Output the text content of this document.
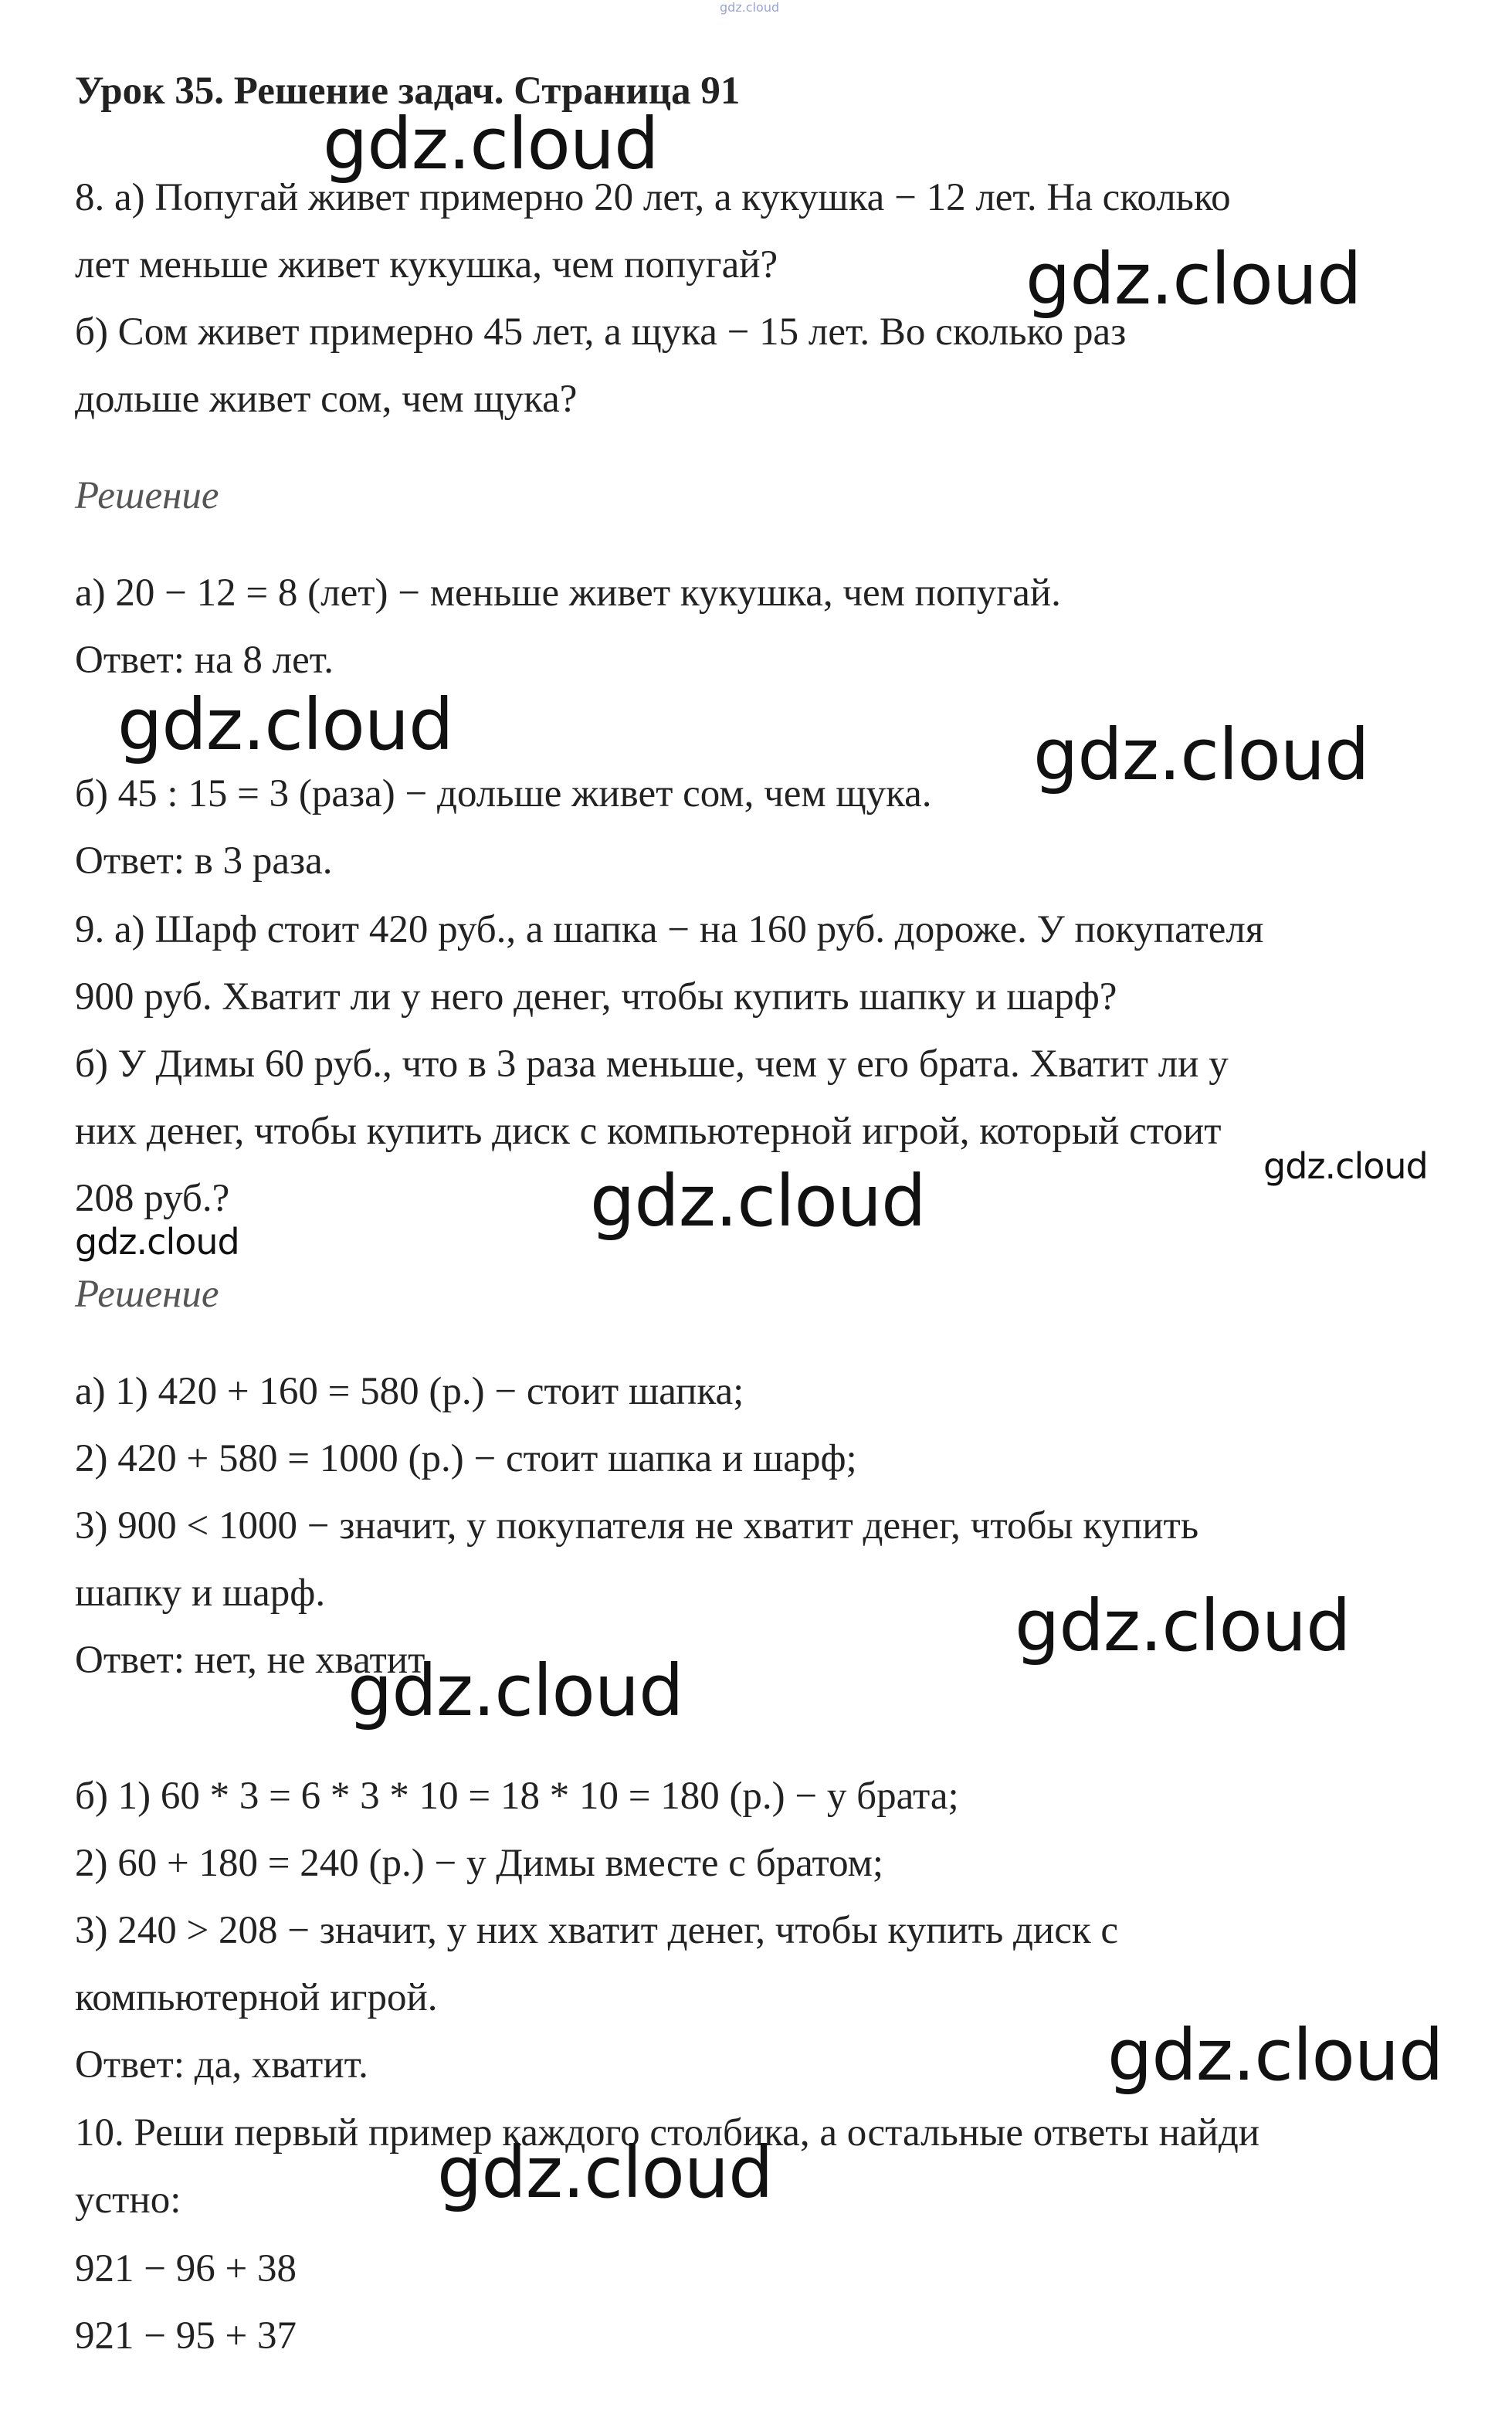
gdz.cloud

Урок 35. Решение задач. Страница 91

8. а) Попугай живет примерно 20 лет, а кукушка − 12 лет. На сколько

лет меньше живет кукушка, чем попугай?

б) Сом живет примерно 45 лет, а щука − 15 лет. Во сколько раз

дольше живет сом, чем щука?

Решение

а) 20 − 12 = 8 (лет) − меньше живет кукушка, чем попугай.

Ответ: на 8 лет.

б) 45 : 15 = 3 (раза) − дольше живет сом, чем щука.

Ответ: в 3 раза.

9. а) Шарф стоит 420 руб., а шапка − на 160 руб. дороже. У покупателя

900 руб. Хватит ли у него денег, чтобы купить шапку и шарф?

б) У Димы 60 руб., что в 3 раза меньше, чем у его брата. Хватит ли у

них денег, чтобы купить диск с компьютерной игрой, который стоит

208 руб.?

Решение

а) 1) 420 + 160 = 580 (р.) − стоит шапка;

2) 420 + 580 = 1000 (р.) − стоит шапка и шарф;

3) 900 < 1000 − значит, у покупателя не хватит денег, чтобы купить

шапку и шарф.

Ответ: нет, не хватит.

б) 1) 60 * 3 = 6 * 3 * 10 = 18 * 10 = 180 (р.) − у брата;

2) 60 + 180 = 240 (р.) − у Димы вместе с братом;

3) 240 > 208 − значит, у них хватит денег, чтобы купить диск с

компьютерной игрой.

Ответ: да, хватит.

10. Реши первый пример каждого столбика, а остальные ответы найди

устно:

921 − 96 + 38

921 − 95 + 37

gdz.cloud
gdz.cloud
gdz.cloud	gdz.cloud
gdz.cloud
gdz.cloud
gdz.cloud
gdz.cloud
gdz.cloud
gdz.cloud
gdz.cloud
